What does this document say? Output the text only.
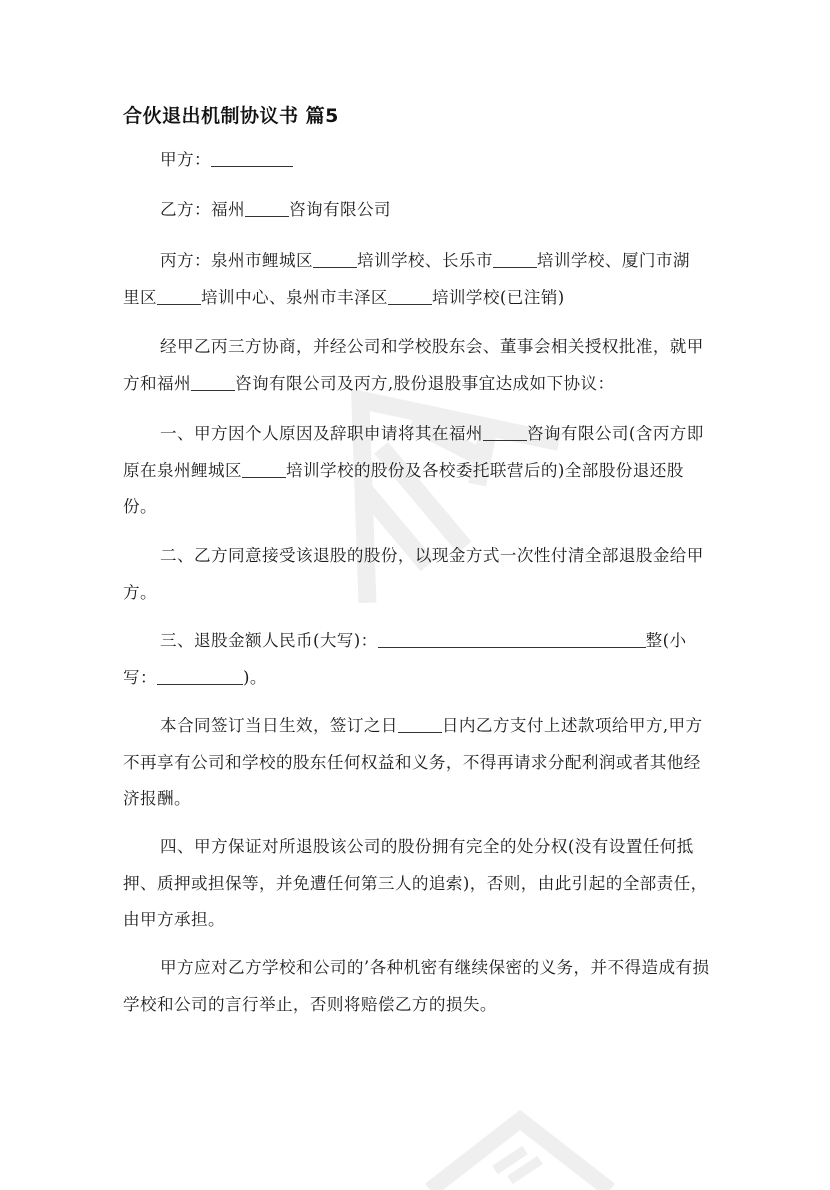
合伙退出机制协议书 篇5
甲方：
乙方：福州	咨询有限公司
丙方：泉州市鲤城区	培训学校、长乐市	培训学校、厦门市湖
里区	培训中心、泉州市丰泽区	培训学校(已注销)
经甲乙丙三方协商，并经公司和学校股东会、董事会相关授权批准，就甲
方和福州	咨询有限公司及丙方,股份退股事宜达成如下协议：
一、甲方因个人原因及辞职申请将其在福州	咨询有限公司(含丙方即
原在泉州鲤城区	培训学校的股份及各校委托联营后的)全部股份退还股
份。
二、乙方同意接受该退股的股份，以现金方式一次性付清全部退股金给甲
方。
三、退股金额人民币(大写)：	整(小
写：	)。
本合同签订当日生效，签订之日	日内乙方支付上述款项给甲方,甲方
不再享有公司和学校的股东任何权益和义务，不得再请求分配利润或者其他经
济报酬。
四、甲方保证对所退股该公司的股份拥有完全的处分权(没有设置任何抵
押、质押或担保等，并免遭任何第三人的追索)，否则，由此引起的全部责任，
由甲方承担。
甲方应对乙方学校和公司的’各种机密有继续保密的义务，并不得造成有损
学校和公司的言行举止，否则将赔偿乙方的损失。
